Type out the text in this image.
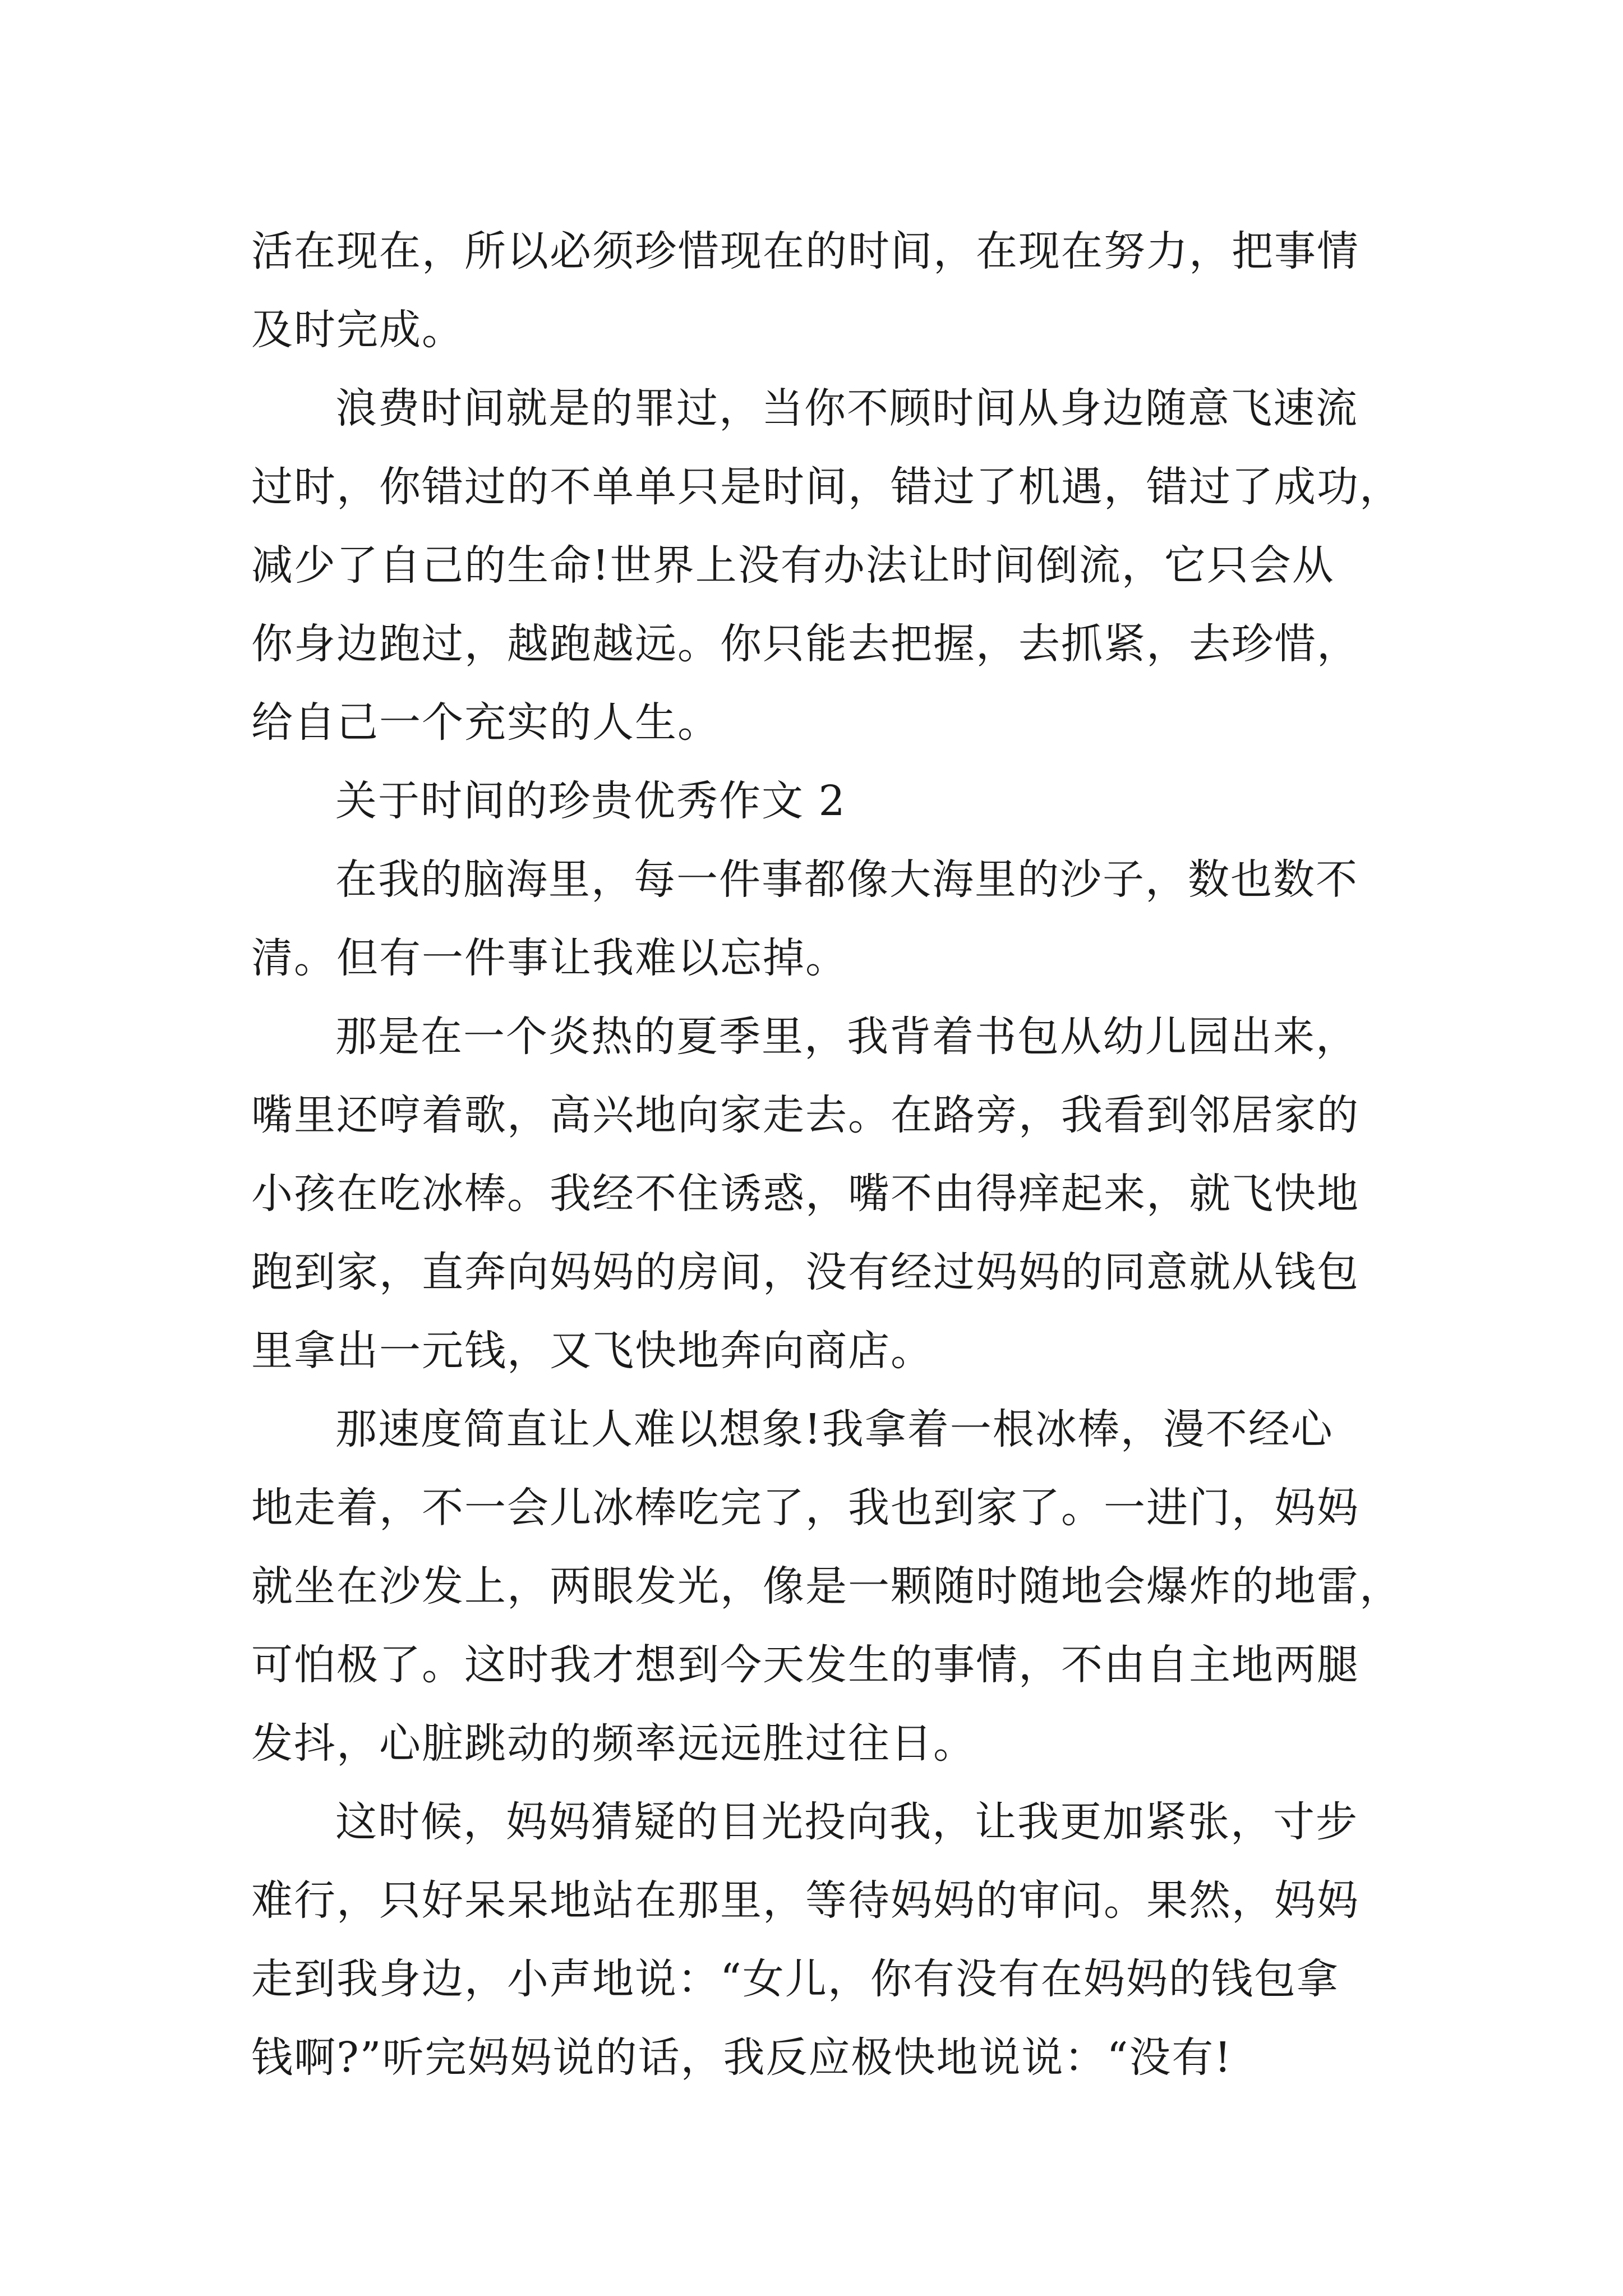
活在现在，所以必须珍惜现在的时间，在现在努力，把事情
及时完成。
浪费时间就是的罪过，当你不顾时间从身边随意飞速流
过时，你错过的不单单只是时间，错过了机遇，错过了成功，
减少了自己的生命!世界上没有办法让时间倒流，它只会从
你身边跑过，越跑越远。你只能去把握，去抓紧，去珍惜，
给自己一个充实的人生。
关于时间的珍贵优秀作文 2
在我的脑海里，每一件事都像大海里的沙子，数也数不
清。但有一件事让我难以忘掉。
那是在一个炎热的夏季里，我背着书包从幼儿园出来，
嘴里还哼着歌，高兴地向家走去。在路旁，我看到邻居家的
小孩在吃冰棒。我经不住诱惑，嘴不由得痒起来，就飞快地
跑到家，直奔向妈妈的房间，没有经过妈妈的同意就从钱包
里拿出一元钱，又飞快地奔向商店。
那速度简直让人难以想象!我拿着一根冰棒，漫不经心
地走着，不一会儿冰棒吃完了，我也到家了。一进门，妈妈
就坐在沙发上，两眼发光，像是一颗随时随地会爆炸的地雷，
可怕极了。这时我才想到今天发生的事情，不由自主地两腿
发抖，心脏跳动的频率远远胜过往日。
这时候，妈妈猜疑的目光投向我，让我更加紧张，寸步
难行，只好呆呆地站在那里，等待妈妈的审问。果然，妈妈
走到我身边，小声地说：“女儿，你有没有在妈妈的钱包拿
钱啊?”听完妈妈说的话，我反应极快地说说：“没有!
